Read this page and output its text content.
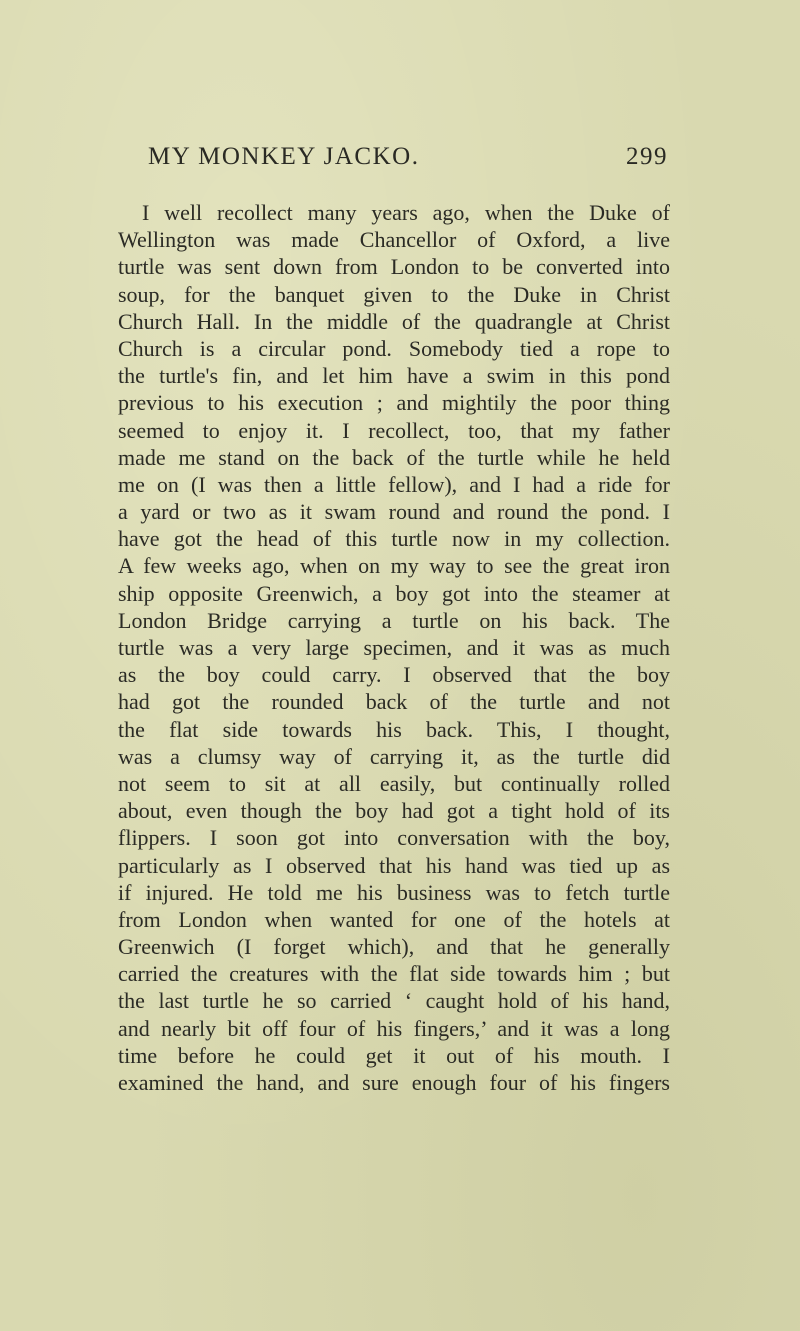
MY MONKEY JACKO.	299
I well recollect many years ago, when the Duke of
Wellington was made Chancellor of Oxford, a live
turtle was sent down from London to be converted into
soup, for the banquet given to the Duke in Christ
Church Hall. In the middle of the quadrangle at Christ
Church is a circular pond. Somebody tied a rope to
the turtle's fin, and let him have a swim in this pond
previous to his execution ; and mightily the poor thing
seemed to enjoy it. I recollect, too, that my father
made me stand on the back of the turtle while he held
me on (I was then a little fellow), and I had a ride for
a yard or two as it swam round and round the pond. I
have got the head of this turtle now in my collection.
A few weeks ago, when on my way to see the great iron
ship opposite Greenwich, a boy got into the steamer at
London Bridge carrying a turtle on his back. The
turtle was a very large specimen, and it was as much
as the boy could carry. I observed that the boy
had got the rounded back of the turtle and not
the flat side towards his back. This, I thought,
was a clumsy way of carrying it, as the turtle did
not seem to sit at all easily, but continually rolled
about, even though the boy had got a tight hold of its
flippers. I soon got into conversation with the boy,
particularly as I observed that his hand was tied up as
if injured. He told me his business was to fetch turtle
from London when wanted for one of the hotels at
Greenwich (I forget which), and that he generally
carried the creatures with the flat side towards him ; but
the last turtle he so carried ‘ caught hold of his hand,
and nearly bit off four of his fingers,’ and it was a long
time before he could get it out of his mouth. I
examined the hand, and sure enough four of his fingers
